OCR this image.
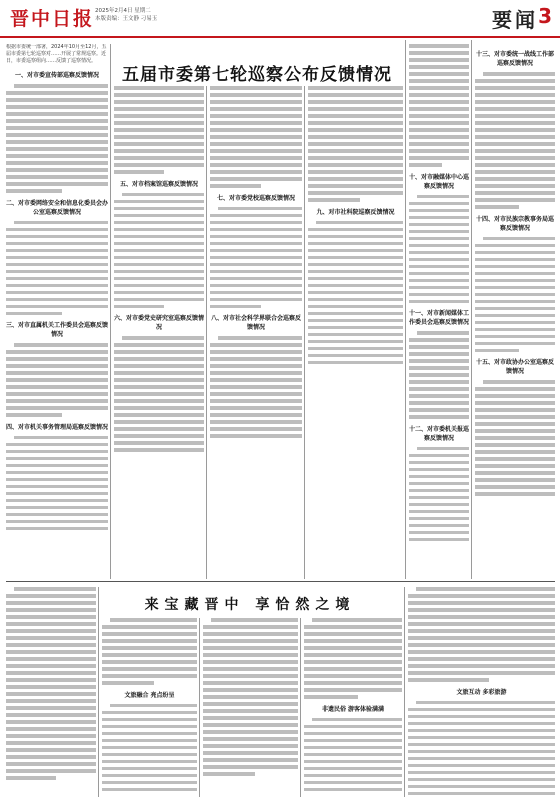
晋中日报 2025年2月4日 星期二
本版责编：王文静 刁易玉	要闻 3
五届市委第七轮巡察公布反馈情况
根据市委统一部署，2024年10月至12月，五届市委第七轮巡察对……开展了常规巡察。近日，市委巡察组向……反馈了巡察情况。
一、对市委宣传部巡察反馈情况
二、对市委网络安全和信息化委员会办公室巡察反馈情况
三、对市直属机关工作委员会巡察反馈情况
四、对市机关事务管理局巡察反馈情况
五、对市档案馆巡察反馈情况
六、对市委党史研究室巡察反馈情况
七、对市委党校巡察反馈情况
八、对市社会科学界联合会巡察反馈情况
九、对市社科院巡察反馈情况
十、对市融媒体中心巡察反馈情况
十一、对市新闻媒体工作委员会巡察反馈情况
十二、对市委机关报巡察反馈情况
十三、对市委统一战线工作部巡察反馈情况
十四、对市民族宗教事务局巡察反馈情况
十五、对市政协办公室巡察反馈情况
来宝藏晋中 享恰然之境
文旅融合 亮点纷呈
非遗民俗 游客体验满满
文旅互动 多彩旅游
